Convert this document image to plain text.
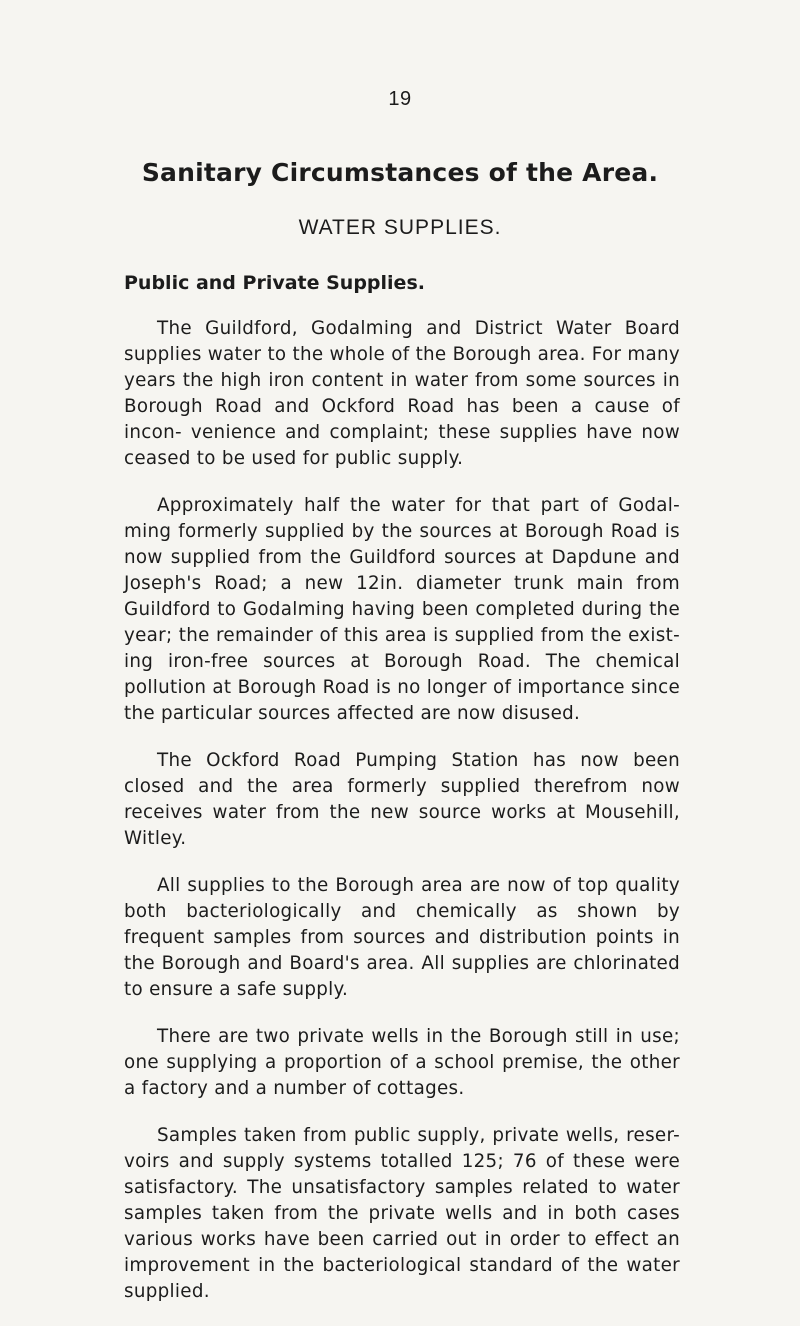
19
Sanitary Circumstances of the Area.
WATER SUPPLIES.
Public and Private Supplies.

The Guildford, Godalming and District Water Board supplies water to the whole of the Borough area. For many years the high iron content in water from some sources in Borough Road and Ockford Road has been a cause of incon- venience and complaint; these supplies have now ceased to be used for public supply.

Approximately half the water for that part of Godal- ming formerly supplied by the sources at Borough Road is now supplied from the Guildford sources at Dapdune and Joseph's Road; a new 12in. diameter trunk main from Guildford to Godalming having been completed during the year; the remainder of this area is supplied from the exist- ing iron-free sources at Borough Road. The chemical pollution at Borough Road is no longer of importance since the particular sources affected are now disused.

The Ockford Road Pumping Station has now been closed and the area formerly supplied therefrom now receives water from the new source works at Mousehill, Witley.

All supplies to the Borough area are now of top quality both bacteriologically and chemically as shown by frequent samples from sources and distribution points in the Borough and Board's area. All supplies are chlorinated to ensure a safe supply.

There are two private wells in the Borough still in use; one supplying a proportion of a school premise, the other a factory and a number of cottages.

Samples taken from public supply, private wells, reser- voirs and supply systems totalled 125; 76 of these were satisfactory. The unsatisfactory samples related to water samples taken from the private wells and in both cases various works have been carried out in order to effect an improvement in the bacteriological standard of the water supplied.
